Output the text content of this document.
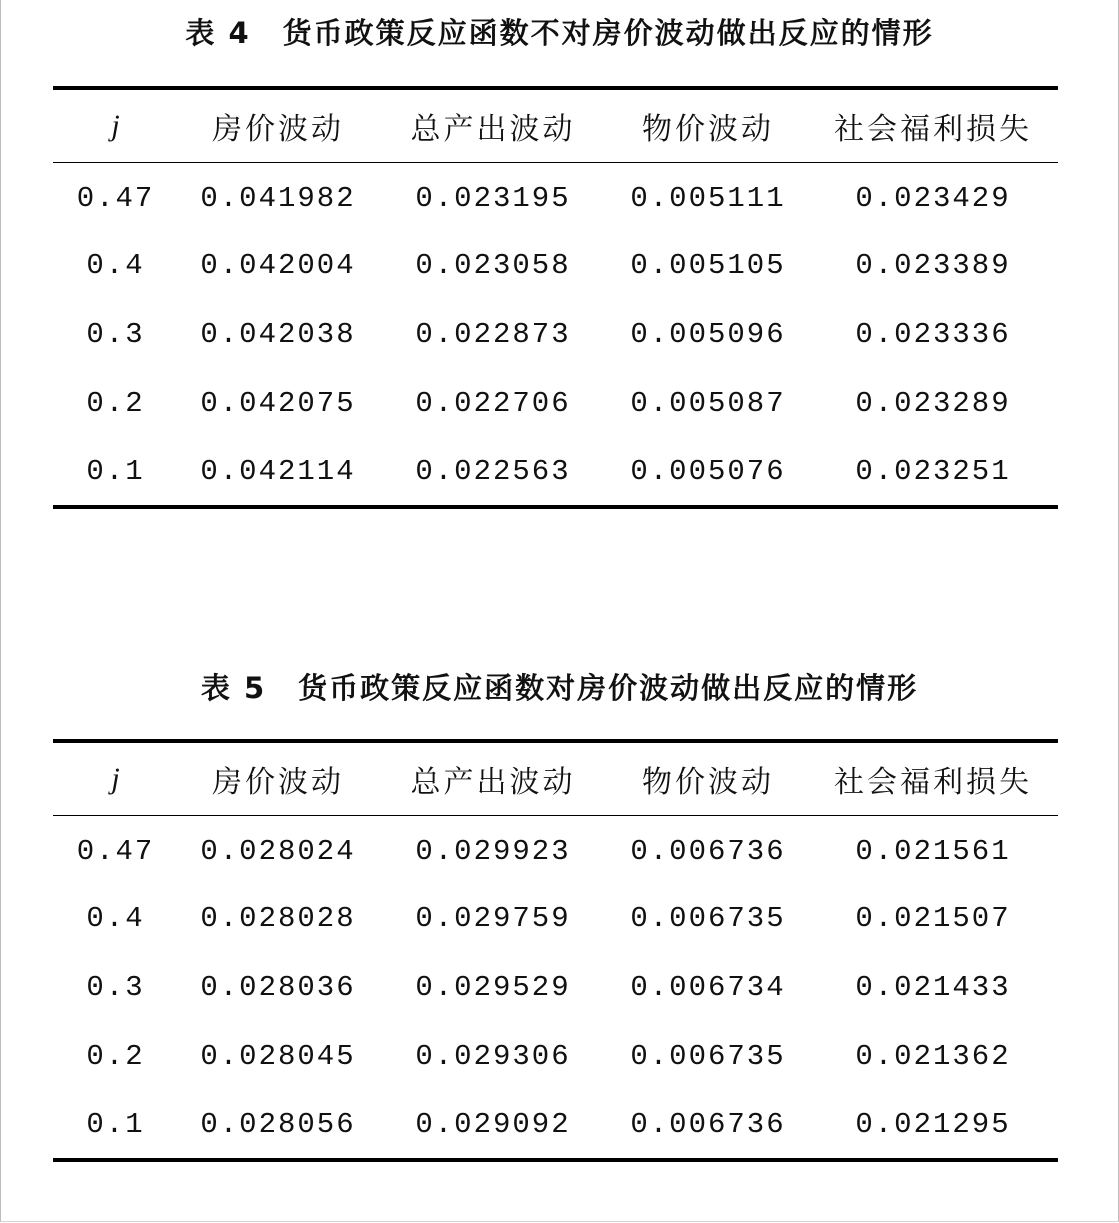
表 4 货币政策反应函数不对房价波动做出反应的情形
j	房价波动	总产出波动	物价波动	社会福利损失
0.47	0.041982	0.023195	0.005111	0.023429
0.4	0.042004	0.023058	0.005105	0.023389
0.3	0.042038	0.022873	0.005096	0.023336
0.2	0.042075	0.022706	0.005087	0.023289
0.1	0.042114	0.022563	0.005076	0.023251
表 5 货币政策反应函数对房价波动做出反应的情形
j	房价波动	总产出波动	物价波动	社会福利损失
0.47	0.028024	0.029923	0.006736	0.021561
0.4	0.028028	0.029759	0.006735	0.021507
0.3	0.028036	0.029529	0.006734	0.021433
0.2	0.028045	0.029306	0.006735	0.021362
0.1	0.028056	0.029092	0.006736	0.021295
